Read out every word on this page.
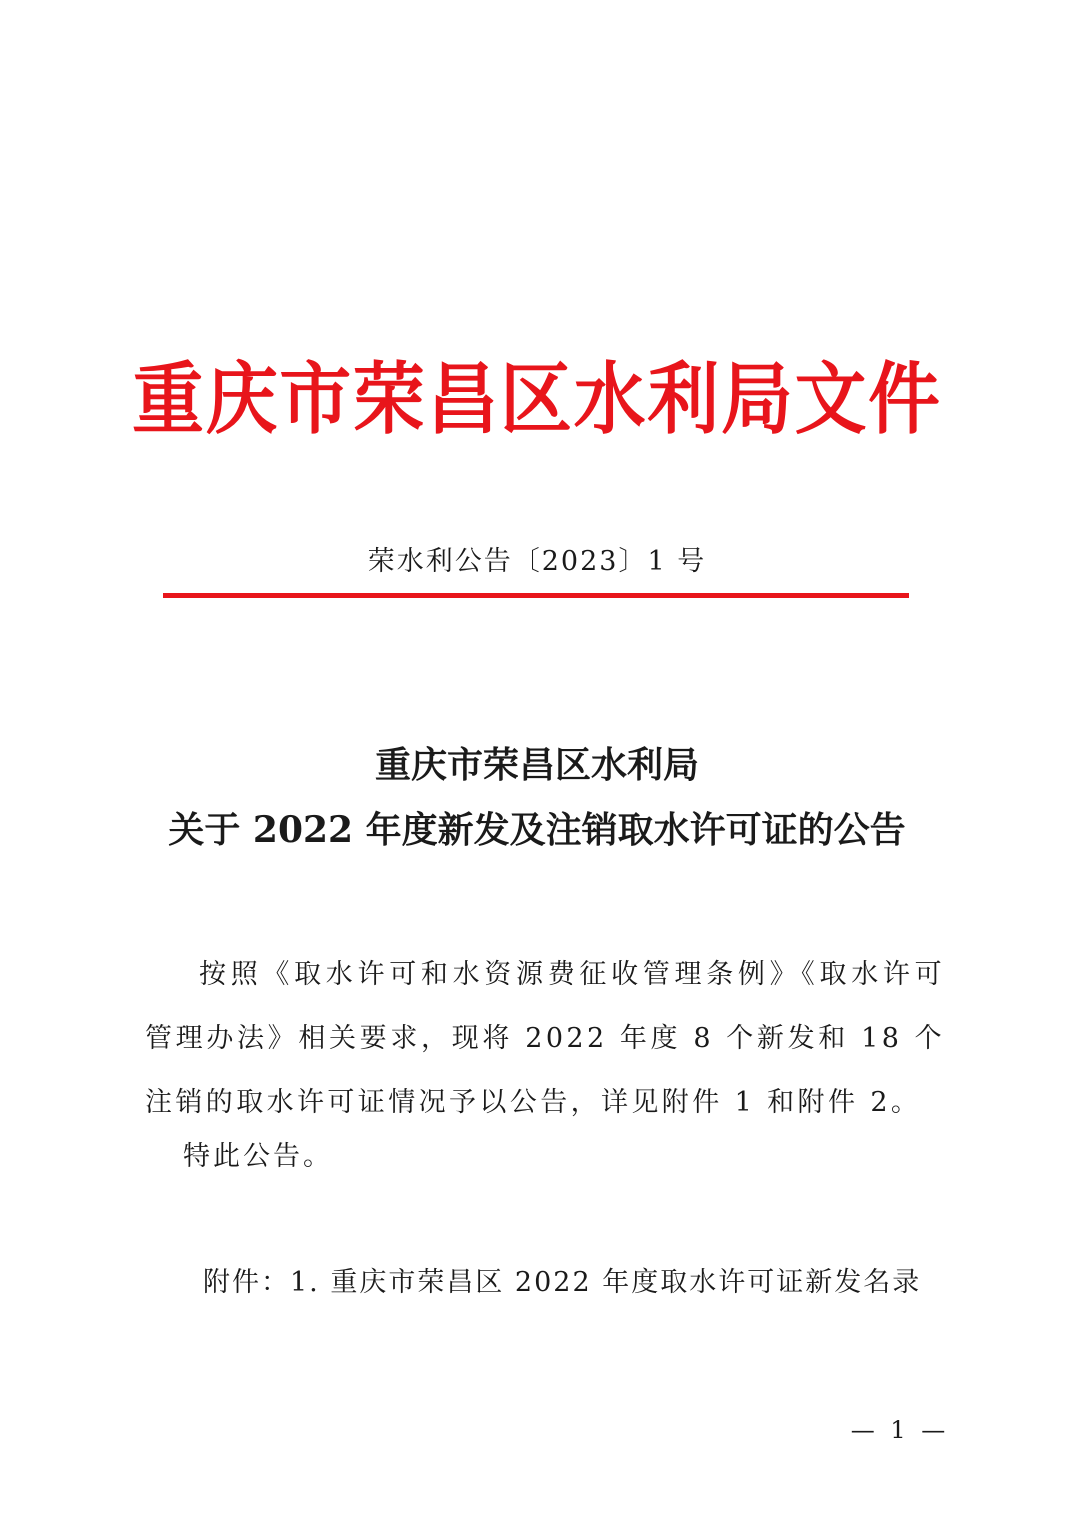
重庆市荣昌区水利局文件
荣水利公告〔2023〕1 号
重庆市荣昌区水利局
关于 2022 年度新发及注销取水许可证的公告

按照《取水许可和水资源费征收管理条例》《取水许可管理办法》相关要求，现将 2022 年度 8 个新发和 18 个注销的取水许可证情况予以公告，详见附件 1 和附件 2。

特此公告。
附件：1. 重庆市荣昌区 2022 年度取水许可证新发名录
— 1 —
